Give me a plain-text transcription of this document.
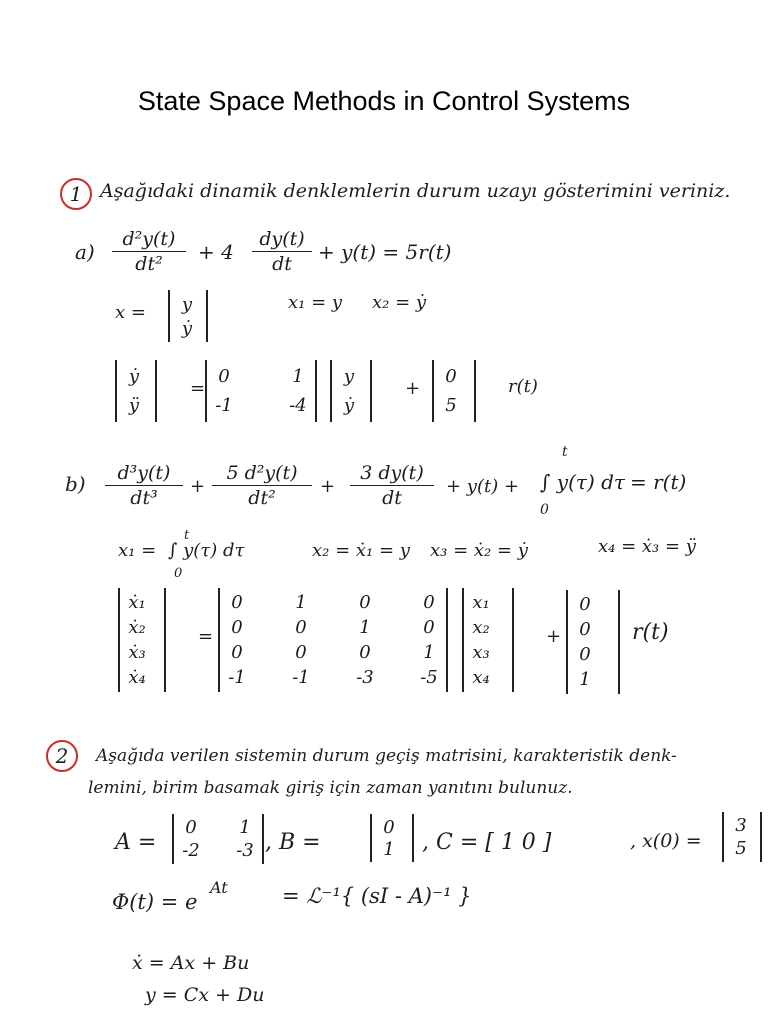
State Space Methods in Control Systems
1 Aşağıdaki dinamik denklemlerin durum uzayı gösterimini veriniz.
a)
d²y(t)
dt²	+ 4
dy(t)
dt	+ y(t) = 5r(t)
x =	y
ẏ
x₁ = y x₂ = ẏ
ẏ
ÿ
=
0	1
-1	-4
y
ẏ
+
0
5
r(t)
b)	d³y(t)
dt³
+
5 d²y(t)
dt²
+
3 dy(t)
dt
+ y(t) +
t
∫ y(τ) dτ
0
= r(t)
x₁ =
t
∫ y(τ) dτ
0
x₂ = ẋ₁ = y x₃ = ẋ₂ = ẏ	x₄ = ẋ₃ = ÿ
ẋ₁
ẋ₂
ẋ₃
ẋ₄
=
0	1	0	0
0	0	1	0
0	0	0	1
-1	-1	-3	-5
x₁
x₂
x₃
x₄
+
0
0
0
1
r(t)
2	Aşağıda verilen sistemin durum geçiş matrisini, karakteristik denk-
lemini, birim basamak giriş için zaman yanıtını bulunuz.
A =
0	1
-2 -3 , B =
0
1	, C = [ 1 0 ]	, x(0) =
3
5
Φ(t) = e
At	= ℒ⁻¹{ (sI - A)⁻¹ }
ẋ = Ax + Bu
y = Cx + Du
